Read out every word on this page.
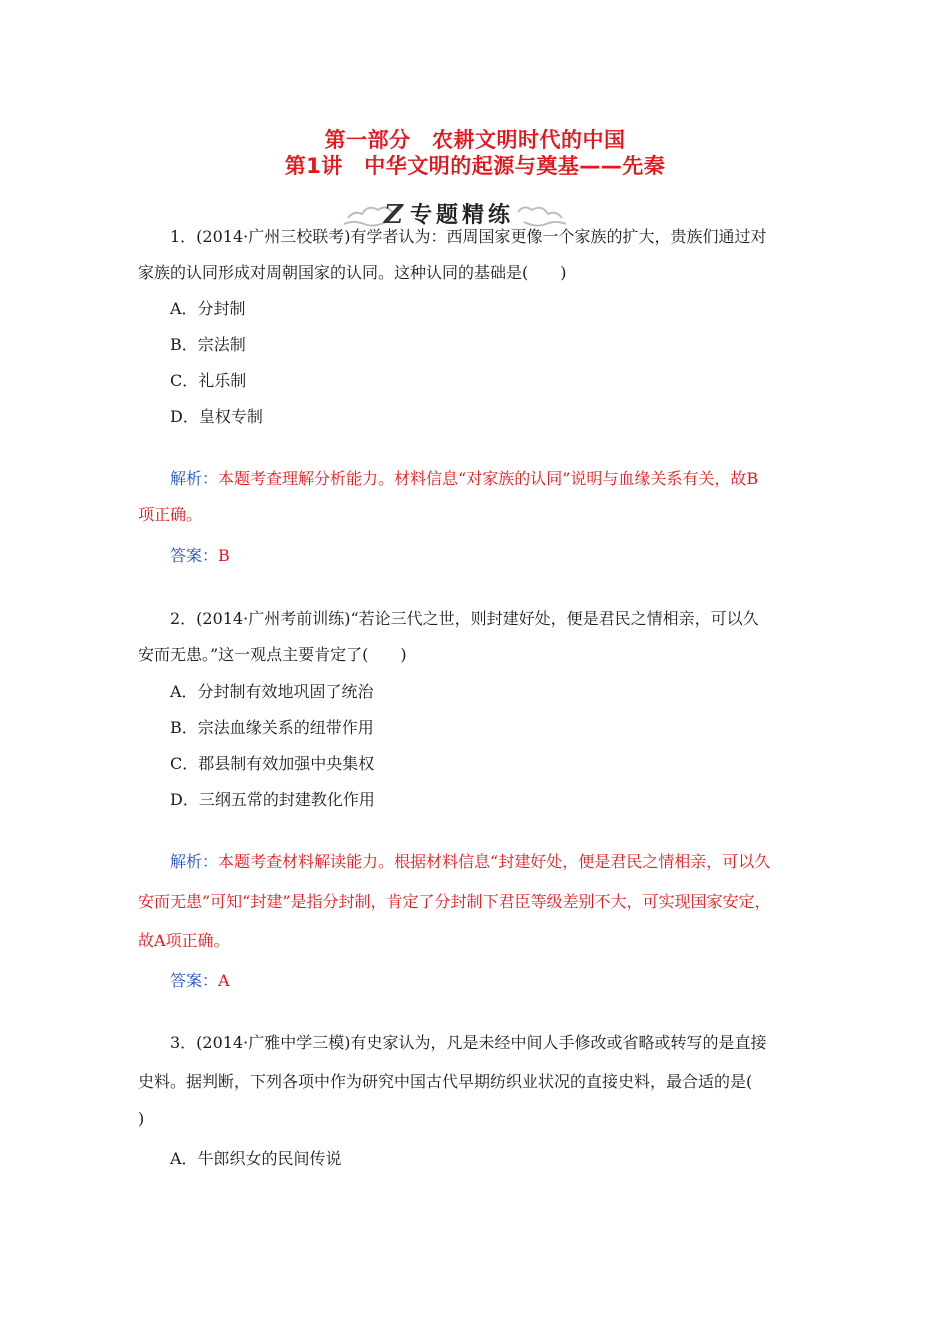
第一部分　农耕文明时代的中国
第1讲　中华文明的起源与奠基——先秦
Z 专题精练
1．(2014·广州三校联考)有学者认为：西周国家更像一个家族的扩大，贵族们通过对
家族的认同形成对周朝国家的认同。这种认同的基础是(　　)
A．分封制
B．宗法制
C．礼乐制
D．皇权专制
解析：本题考查理解分析能力。材料信息“对家族的认同”说明与血缘关系有关，故B
项正确。
答案：B
2．(2014·广州考前训练)“若论三代之世，则封建好处，便是君民之情相亲，可以久
安而无患。”这一观点主要肯定了(　　)
A．分封制有效地巩固了统治
B．宗法血缘关系的纽带作用
C．郡县制有效加强中央集权
D．三纲五常的封建教化作用
解析：本题考查材料解读能力。根据材料信息“封建好处，便是君民之情相亲，可以久
安而无患”可知“封建”是指分封制，肯定了分封制下君臣等级差别不大，可实现国家安定，
故A项正确。
答案：A
3．(2014·广雅中学三模)有史家认为，凡是未经中间人手修改或省略或转写的是直接
史料。据判断，下列各项中作为研究中国古代早期纺织业状况的直接史料，最合适的是(
)
A．牛郎织女的民间传说
